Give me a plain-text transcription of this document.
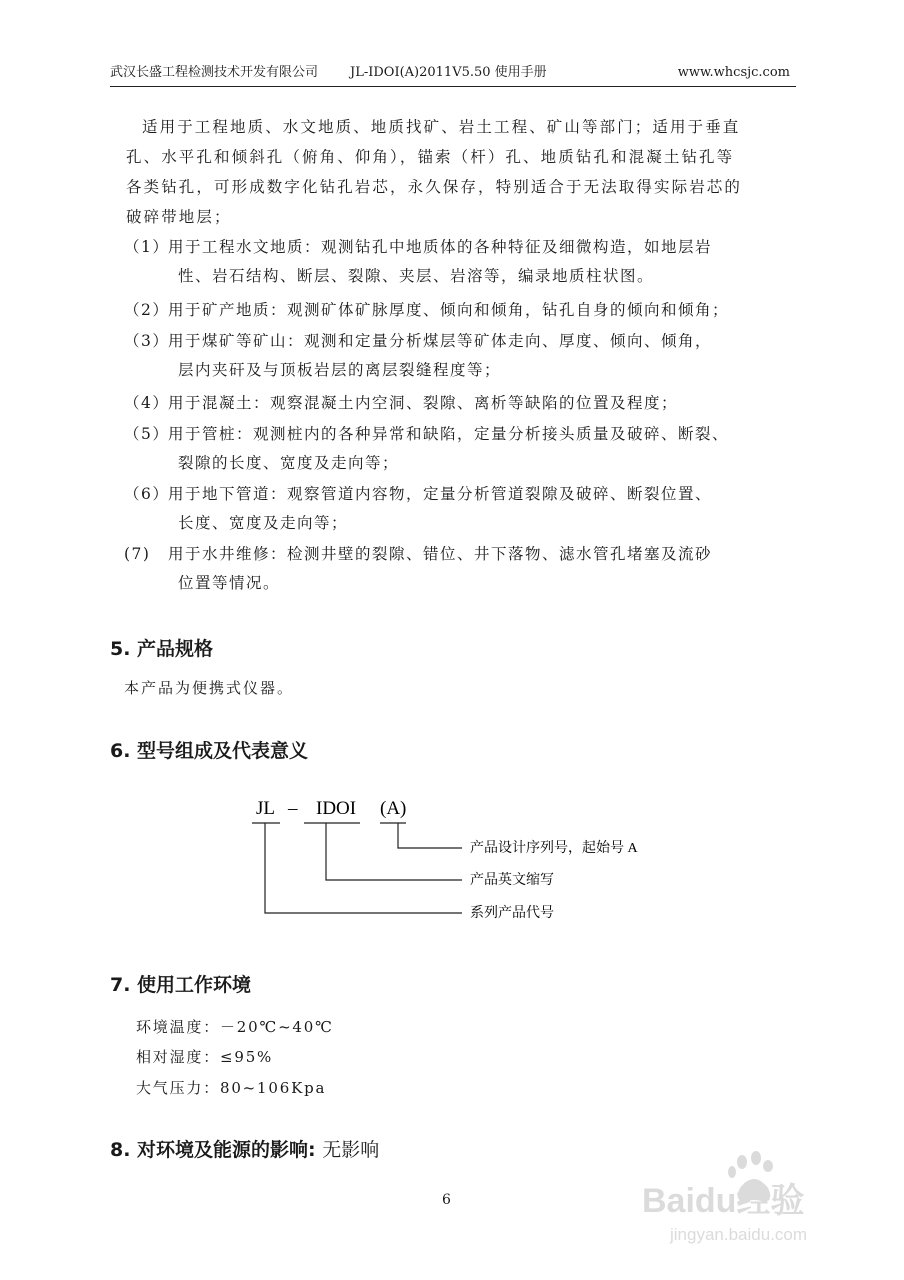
武汉长盛工程检测技术开发有限公司 JL-IDOI(A)2011V5.50 使用手册	www.whcsjc.com
适用于工程地质、水文地质、地质找矿、岩土工程、矿山等部门；适用于垂直
孔、水平孔和倾斜孔（俯角、仰角），锚索（杆）孔、地质钻孔和混凝土钻孔等
各类钻孔，可形成数字化钻孔岩芯，永久保存，特别适合于无法取得实际岩芯的
破碎带地层；
（1）
用于工程水文地质：观测钻孔中地质体的各种特征及细微构造，如地层岩
性、岩石结构、断层、裂隙、夹层、岩溶等，编录地质柱状图。
（2）
用于矿产地质：观测矿体矿脉厚度、倾向和倾角，钻孔自身的倾向和倾角；
（3）
用于煤矿等矿山：观测和定量分析煤层等矿体走向、厚度、倾向、倾角，
层内夹矸及与顶板岩层的离层裂缝程度等；
（4）
用于混凝土：观察混凝土内空洞、裂隙、离析等缺陷的位置及程度；
（5）
用于管桩：观测桩内的各种异常和缺陷，定量分析接头质量及破碎、断裂、
裂隙的长度、宽度及走向等；
（6）
用于地下管道：观察管道内容物，定量分析管道裂隙及破碎、断裂位置、
长度、宽度及走向等；
(7)	用于水井维修：检测井壁的裂隙、错位、井下落物、滤水管孔堵塞及流砂
位置等情况。
5. 产品规格
本产品为便携式仪器。
6. 型号组成及代表意义
JL – IDOI (A)
产品设计序列号，起始号 A
产品英文缩写
系列产品代号
7. 使用工作环境
环境温度：－20℃~40℃
相对湿度：≤95%
大气压力：80~106Kpa
8. 对环境及能源的影响: 无影响
6	Baidu经验
jingyan.baidu.com
